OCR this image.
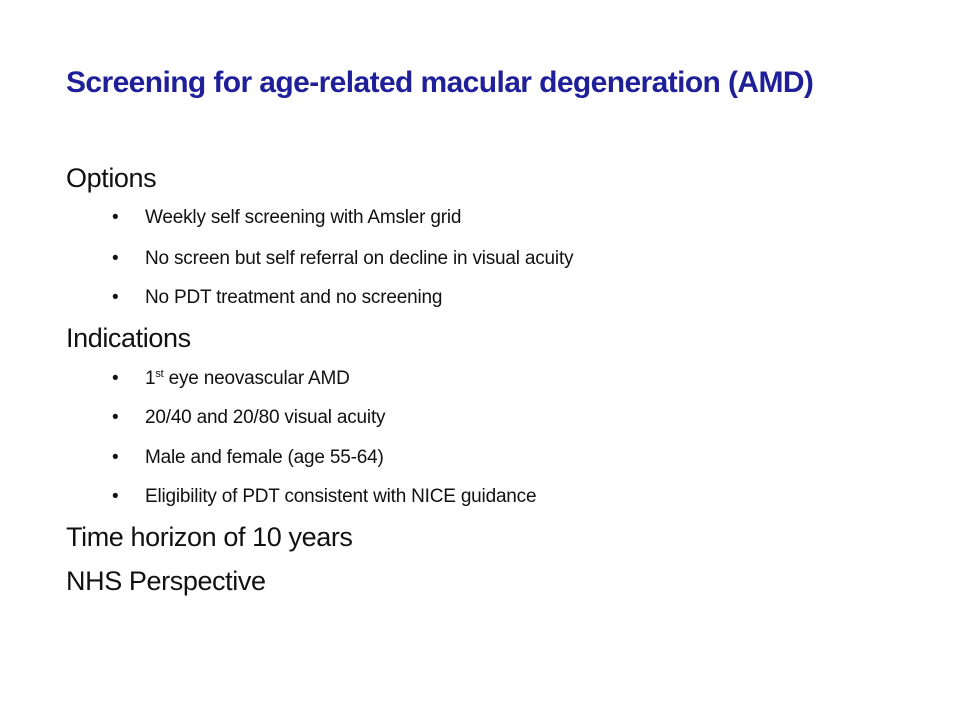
Screening for age-related macular degeneration (AMD)
Options
• Weekly self screening with Amsler grid
• No screen but self referral on decline in visual acuity
• No PDT treatment and no screening
Indications
• 1st eye neovascular AMD
• 20/40 and 20/80 visual acuity
• Male and female (age 55-64)
• Eligibility of PDT consistent with NICE guidance
Time horizon of 10 years
NHS Perspective
